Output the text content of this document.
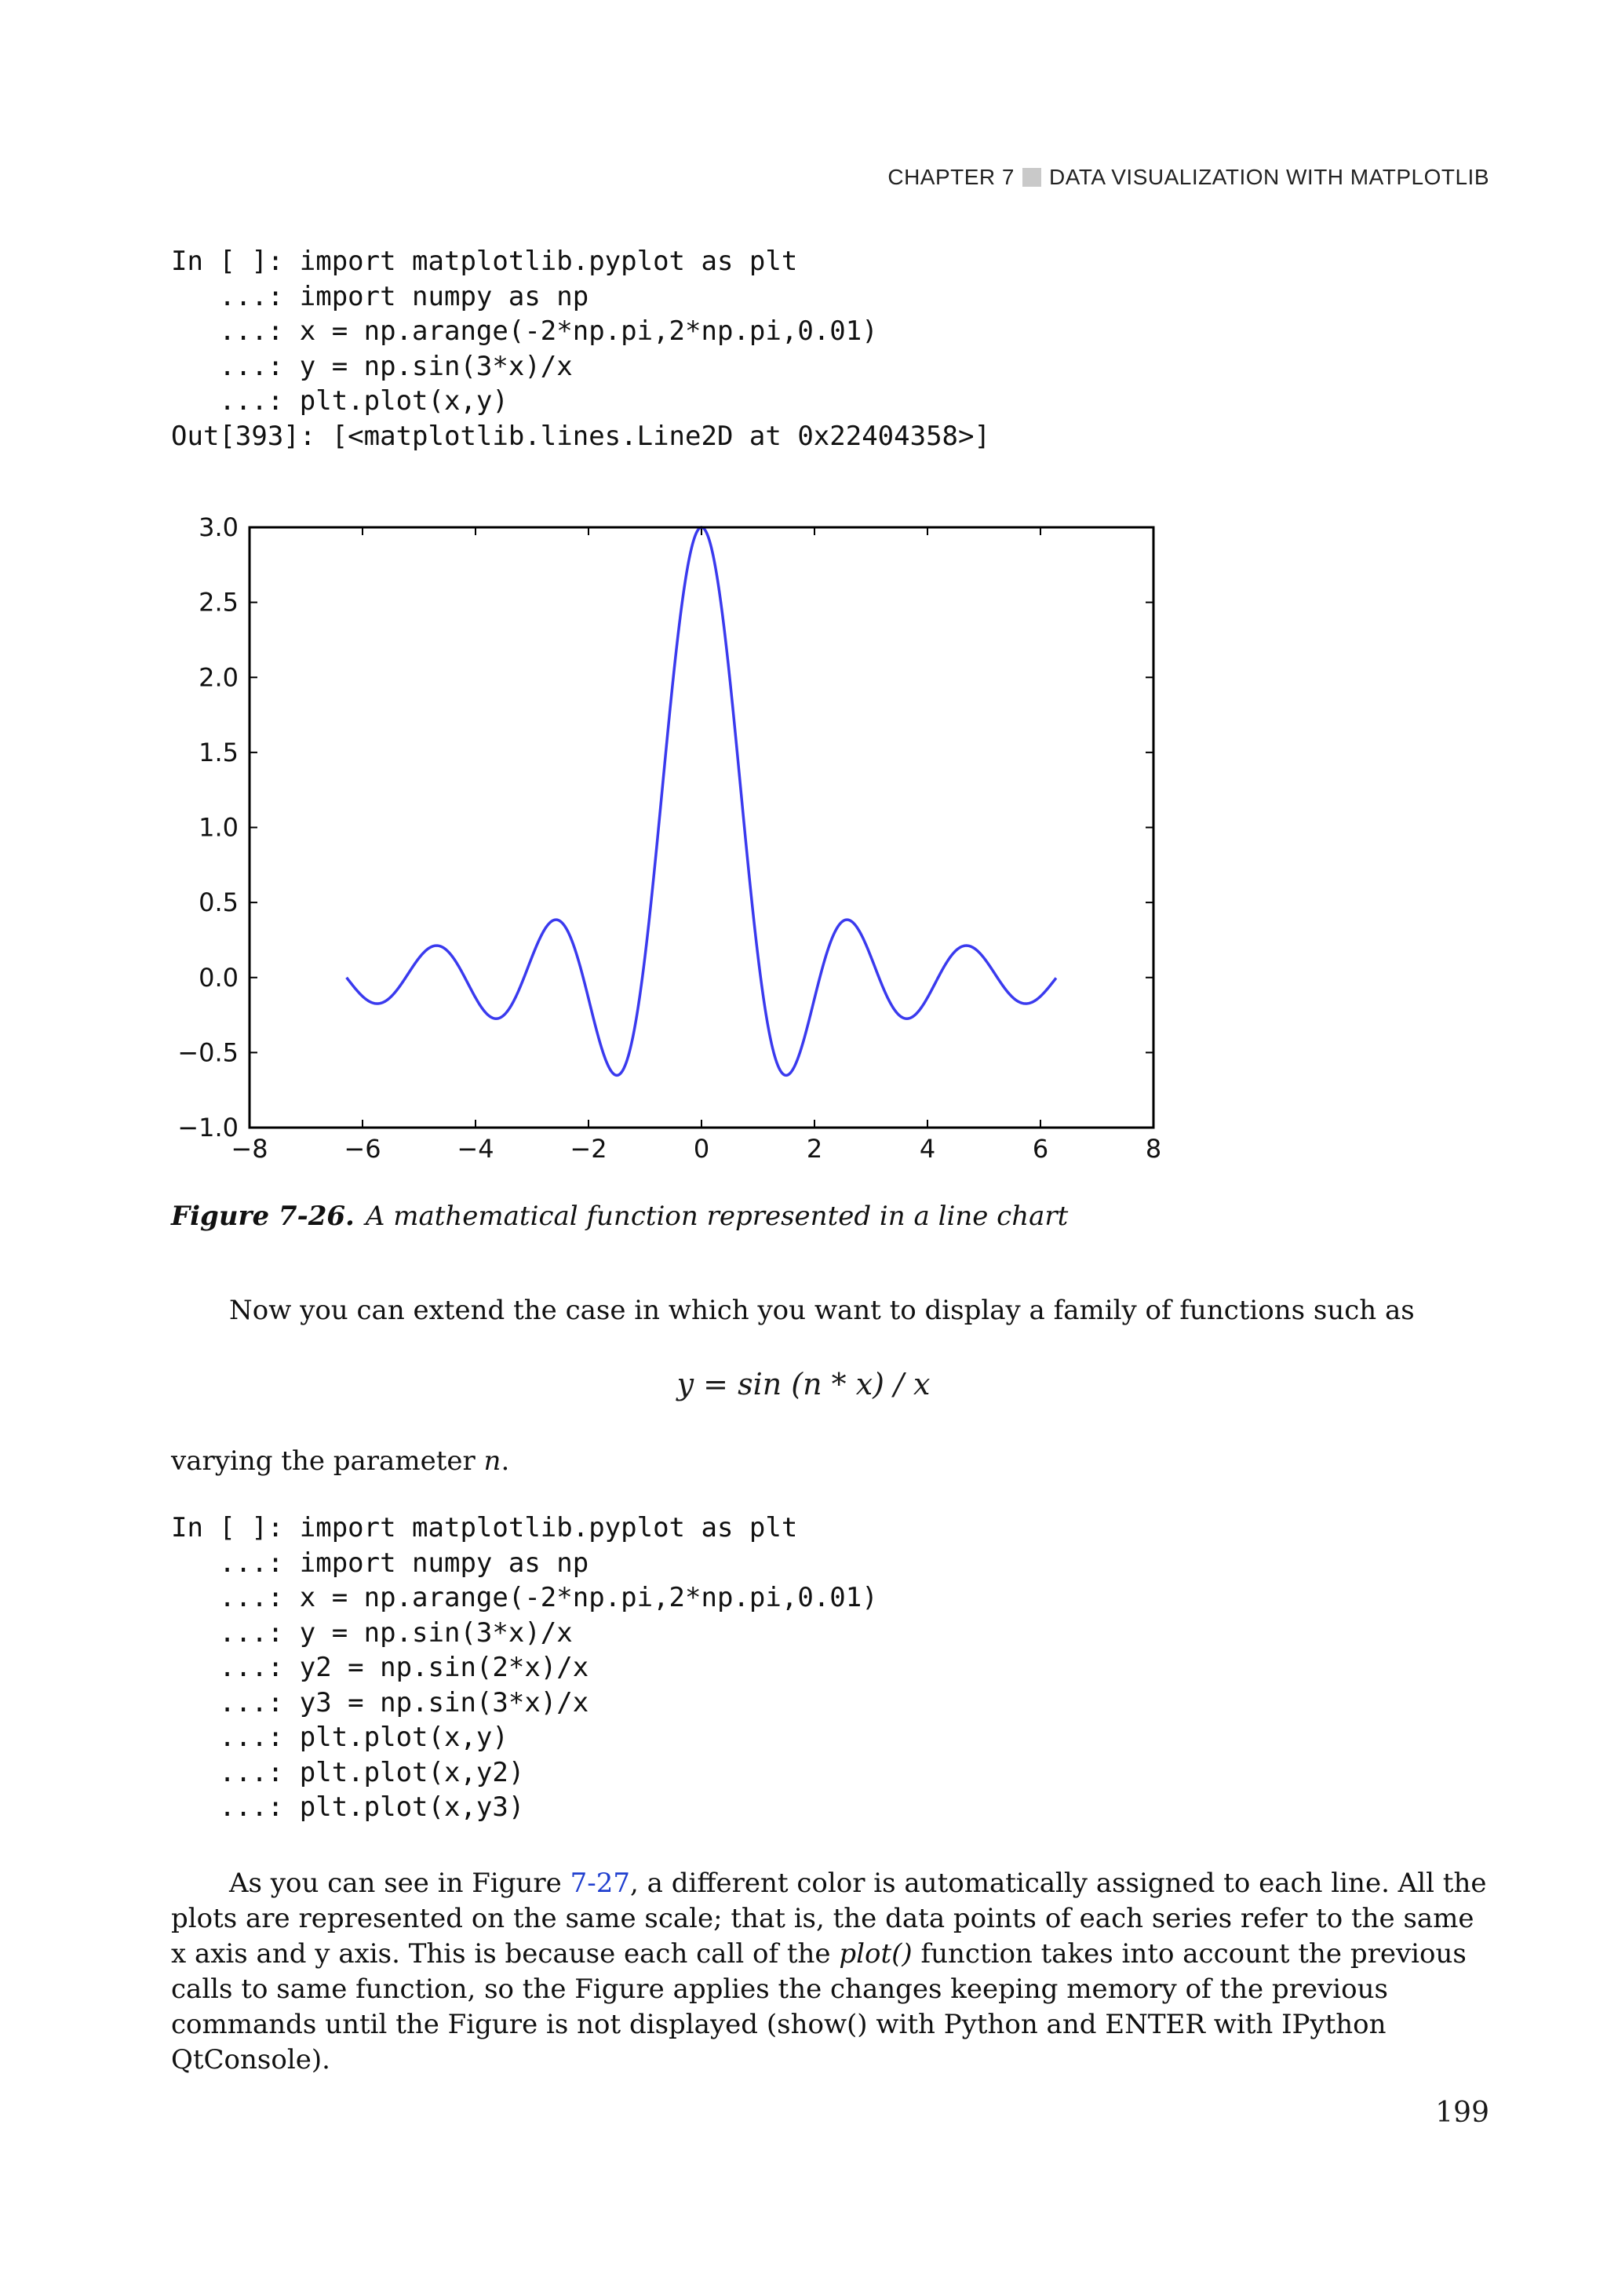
CHAPTER 7 DATA VISUALIZATION WITH MATPLOTLIB
In [ ]: import matplotlib.pyplot as plt
...: import numpy as np
...: x = np.arange(-2*np.pi,2*np.pi,0.01)
...: y = np.sin(3*x)/x
...: plt.plot(x,y)
Out[393]: [<matplotlib.lines.Line2D at 0x22404358>]
−8	−6	−4	−2	0	2	4	6	8
3.0
2.5
2.0
1.5
1.0
0.5
0.0
−0.5
−1.0
Figure 7-26. A mathematical function represented in a line chart
Now you can extend the case in which you want to display a family of functions such as
y = sin (n * x) / x
varying the parameter n.
In [ ]: import matplotlib.pyplot as plt
...: import numpy as np
...: x = np.arange(-2*np.pi,2*np.pi,0.01)
...: y = np.sin(3*x)/x
...: y2 = np.sin(2*x)/x
...: y3 = np.sin(3*x)/x
...: plt.plot(x,y)
...: plt.plot(x,y2)
...: plt.plot(x,y3)
As you can see in Figure 7-27, a different color is automatically assigned to each line. All the plots are represented on the same scale; that is, the data points of each series refer to the same x axis and y axis. This is because each call of the plot() function takes into account the previous calls to same function, so the Figure applies the changes keeping memory of the previous commands until the Figure is not displayed (show() with Python and ENTER with IPython QtConsole).
199
